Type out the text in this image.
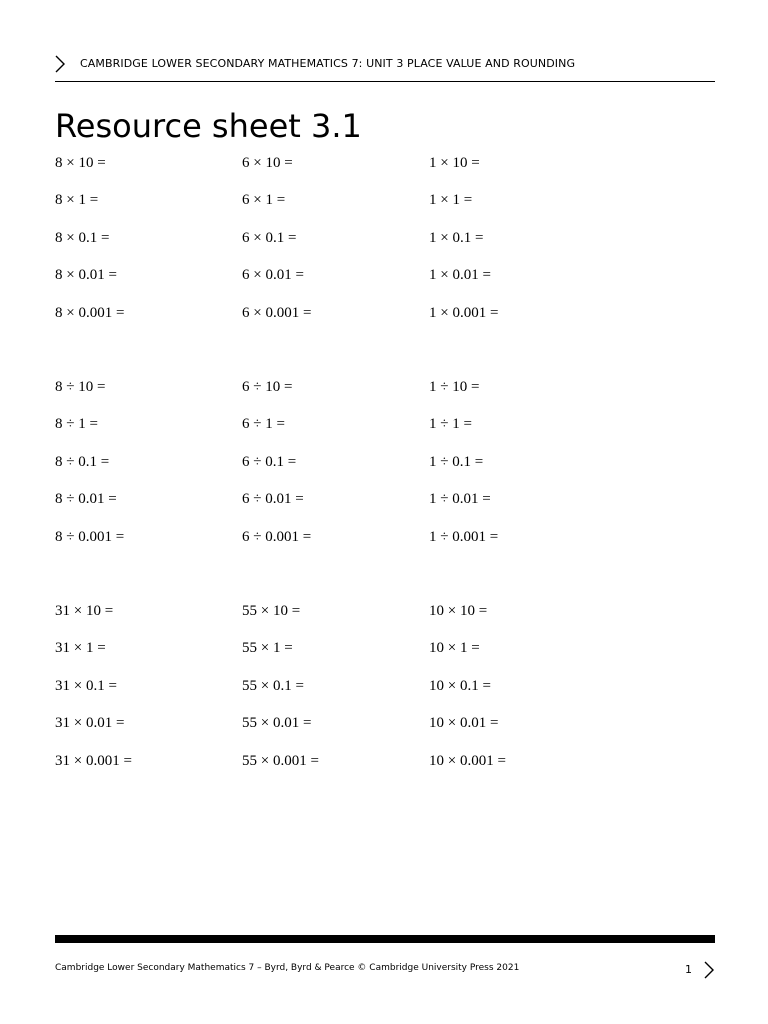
CAMBRIDGE LOWER SECONDARY MATHEMATICS 7: UNIT 3 PLACE VALUE AND ROUNDING
Resource sheet 3.1
8 × 10 =
8 × 1 =
8 × 0.1 =
8 × 0.01 =
8 × 0.001 =
6 × 10 =
6 × 1 =
6 × 0.1 =
6 × 0.01 =
6 × 0.001 =
1 × 10 =
1 × 1 =
1 × 0.1 =
1 × 0.01 =
1 × 0.001 =
8 ÷ 10 =
8 ÷ 1 =
8 ÷ 0.1 =
8 ÷ 0.01 =
8 ÷ 0.001 =
6 ÷ 10 =
6 ÷ 1 =
6 ÷ 0.1 =
6 ÷ 0.01 =
6 ÷ 0.001 =
1 ÷ 10 =
1 ÷ 1 =
1 ÷ 0.1 =
1 ÷ 0.01 =
1 ÷ 0.001 =
31 × 10 =
31 × 1 =
31 × 0.1 =
31 × 0.01 =
31 × 0.001 =
55 × 10 =
55 × 1 =
55 × 0.1 =
55 × 0.01 =
55 × 0.001 =
10 × 10 =
10 × 1 =
10 × 0.1 =
10 × 0.01 =
10 × 0.001 =
Cambridge Lower Secondary Mathematics 7 – Byrd, Byrd & Pearce © Cambridge University Press 2021	1
